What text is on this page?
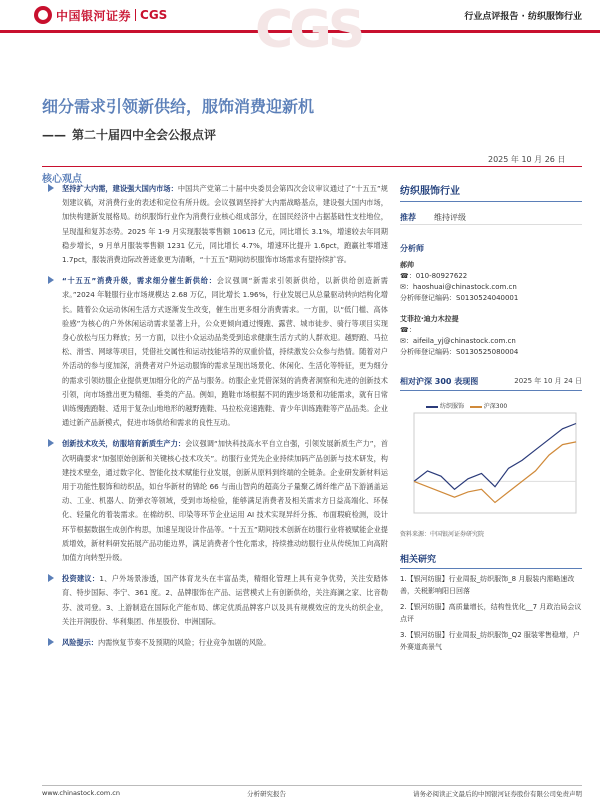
中国银河证券 CGS	行业点评报告 · 纺织服饰行业
CGS
细分需求引领新供给，服饰消费迎新机
—— 第二十届四中全会公报点评
2025 年 10 月 26 日
核心观点
坚持扩大内需，建设强大国内市场：中国共产党第二十届中央委员会第四次会议审议通过了“十五五”规划建议稿，对消费行业的表述和定位有所升级。会议强调坚持扩大内需战略基点，建设强大国内市场，加快构建新发展格局。纺织服饰行业作为消费行业核心组成部分，在国民经济中占据基础性支柱地位，呈现温和复苏态势。2025 年 1-9 月实现服装零售额 10613 亿元，同比增长 3.1%，增速较去年同期稳步增长，9 月单月服装零售额 1231 亿元，同比增长 4.7%，增速环比提升 1.6pct，跑赢社零增速 1.7pct，服装消费边际改善迹象更为清晰，“十五五”期间纺织服饰市场需求有望持续扩容。
“十五五”消费升级，需求细分催生新供给：会议强调“新需求引领新供给，以新供给创造新需求。”2024 年鞋服行业市场规模达 2.68 万亿，同比增长 1.96%，行业发展已从总量驱动转向结构化增长。随着公众运动休闲生活方式逐渐发生改变，催生出更多细分消费需求。一方面，以“低门槛、高体验感”为核心的户外休闲运动需求显著上升，公众更倾向通过慢跑、露营、城市徒步、骑行等项目实现身心放松与压力释放；另一方面，以往小众运动品类受到追求健康生活方式的人群欢迎。越野跑、马拉松、滑雪、网球等项目，凭借社交属性和运动技能培养的双重价值，持续激发公众参与热情。随着对户外活动的参与度加深，消费者对户外运动服饰的需求呈现出场景化、休闲化、生活化等特征，更为细分的需求引领纺服企业提供更加细分化的产品与服务。纺服企业凭借深刻的消费者洞察和先进的创新技术引领，向市场推出更为精细、垂类的产品。例如，跑鞋市场根据不同的跑步场景和功能需求，就有日常训练慢跑跑鞋、适用于复杂山地地形的越野跑鞋、马拉松竞速跑鞋、青少年训练跑鞋等产品品类。企业通过新产品新模式，促进市场供给和需求的良性互动。
创新技术攻关，纺服培育新质生产力：会议强调“加快科技高水平自立自强，引领发展新质生产力”，首次明确要求“加强原始创新和关键核心技术攻关”。纺服行业凭先企业持续加码产品创新与技术研发，构建技术壁垒，通过数字化、智能化技术赋能行业发展，创新从原料到终端的全链条。企业研发新材料运用于功能性服饰和纺织品，如台华新材的锦纶 66 与南山智尚的超高分子量聚乙烯纤维产品下游涵盖运动、工业、机器人、防弹衣等领域，受到市场检验，能够满足消费者及相关需求方日益高端化、环保化、轻量化的着装需求。在棉纺织、印染等环节企业运用 AI 技术实现异纤分拣、布面瑕疵检测，设计环节根据数据生成创作构思，加速呈现设计作品等。“十五五”期间技术创新在纺服行业将被赋能企业提质增效，新材料研发拓展产品功能边界，满足消费者个性化需求，持续推动纺服行业从传统加工向高附加值方向转型升级。
投资建议：1、户外场景渗透，国产体育龙头在丰富品类，精细化管理上具有竞争优势，关注安踏体育、特步国际、李宁、361 度。2、品牌服饰在产品、运营模式上有创新供给，关注海澜之家、比音勒芬、波司登。3、上游制造在国际化产能布局、绑定优质品牌客户以及具有规模效应的龙头纺织企业，关注开润股份、华利集团、伟星股份、申洲国际。
风险提示：内需恢复节奏不及预期的风险；行业竞争加剧的风险。
纺织服饰行业
推荐 维持评级
分析师
郝帅
☎：010-80927622
✉：haoshuai@chinastock.com.cn
分析师登记编码：S0130524040001
艾菲拉·迪力木拉提
☎：
✉：aifeila_yj@chinastock.com.cn
分析师登记编码：S0130525080004
相对沪深 300 表现图	2025 年 10 月 24 日
纺织服饰	沪深300
资料来源：中国银河证券研究院
相关研究
1.【银河纺服】行业周报_纺织服饰_8 月服装内需略速改善，关税影响阳日回落
2.【银河纺服】高质量增长，结构性优化__7 月政治局会议点评
3.【银河纺服】行业周报_纺织服饰_Q2 服装零售稳增，户外赛道高景气
www.chinastock.com.cn	分析研究报告	请务必阅读正文最后的中国银河证券股份有限公司免责声明
